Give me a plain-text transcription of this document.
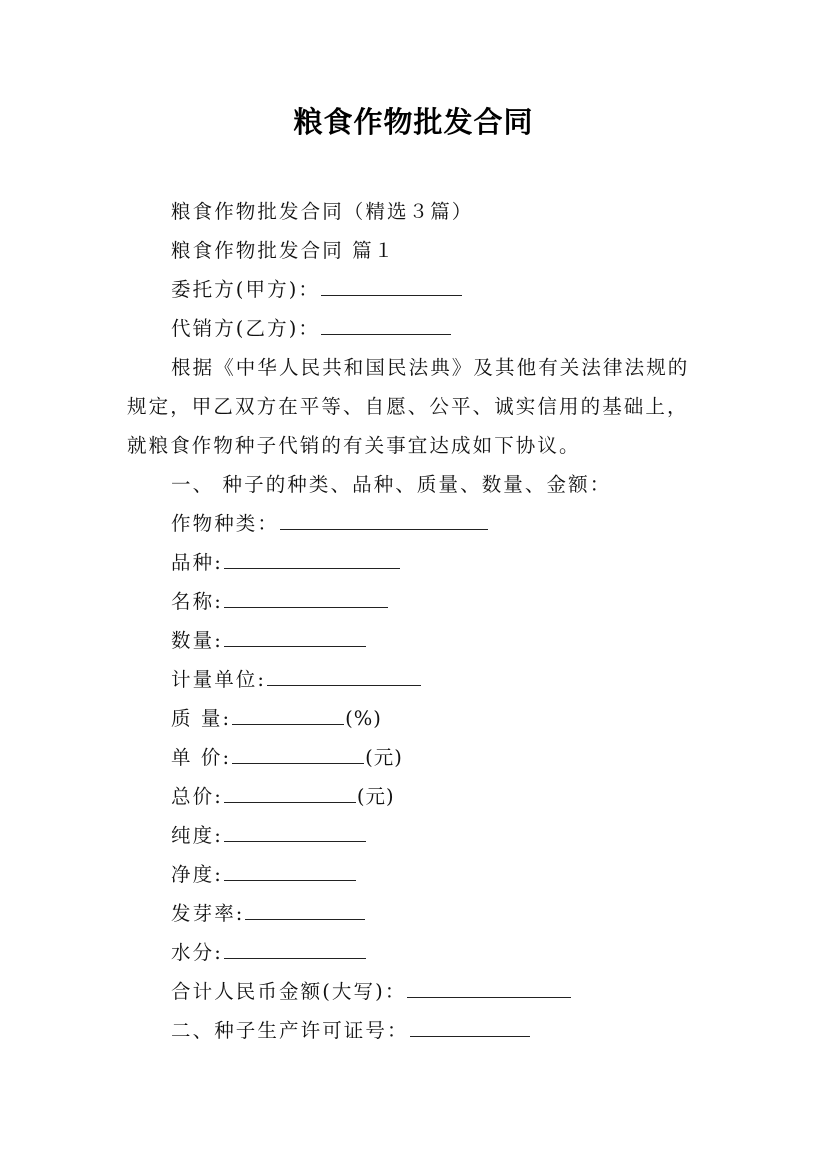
粮食作物批发合同
粮食作物批发合同（精选３篇）
粮食作物批发合同 篇１
委托方(甲方)：
代销方(乙方)：
根据《中华人民共和国民法典》及其他有关法律法规的
规定，甲乙双方在平等、自愿、公平、诚实信用的基础上，
就粮食作物种子代销的有关事宜达成如下协议。
一、 种子的种类、品种、质量、数量、金额：
作物种类：
品种:
名称:
数量:
计量单位:
质 量:	(%)
单 价:	(元)
总价:	(元)
纯度:
净度:
发芽率:
水分:
合计人民币金额(大写)：
二、种子生产许可证号：
